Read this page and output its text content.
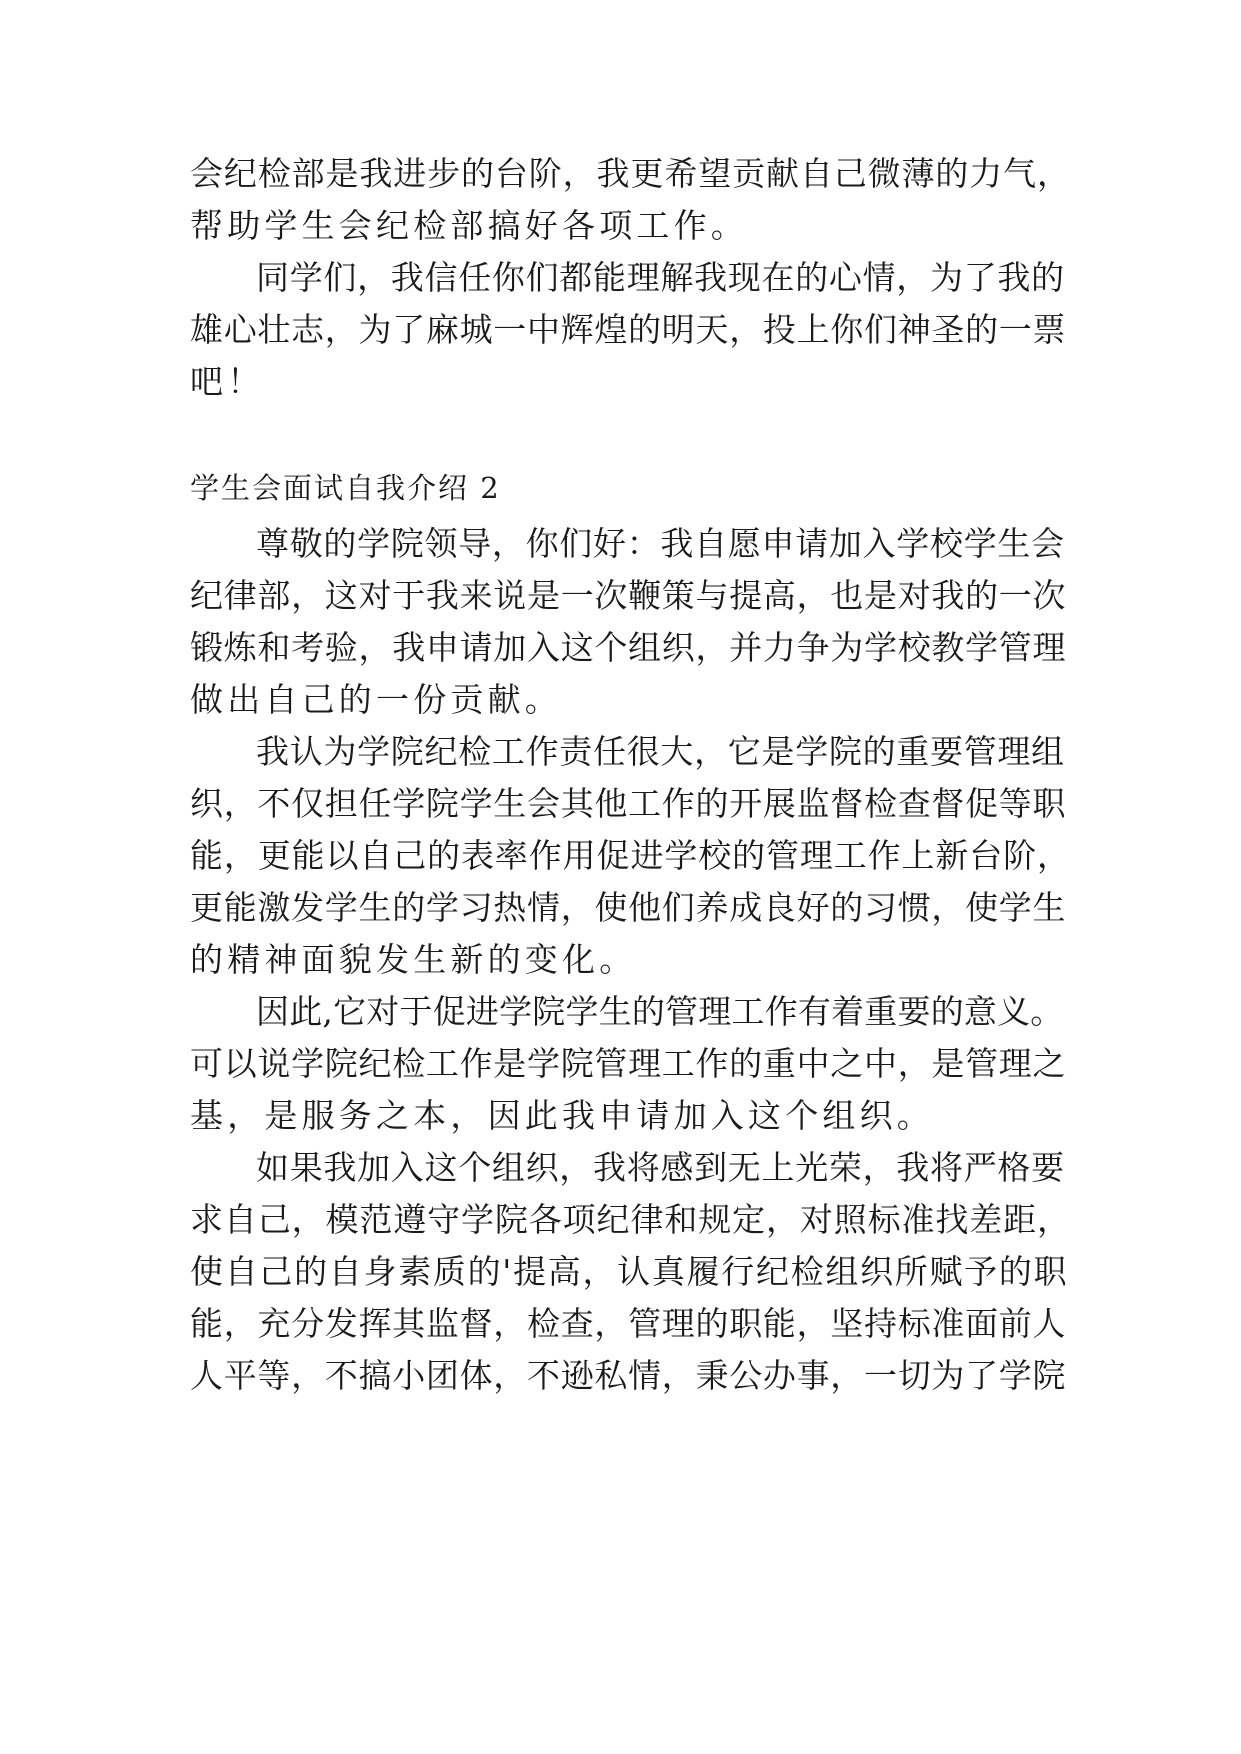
会纪检部是我进步的台阶，我更希望贡献自己微薄的力气，
帮助学生会纪检部搞好各项工作。
同学们，我信任你们都能理解我现在的心情，为了我的
雄心壮志，为了麻城一中辉煌的明天，投上你们神圣的一票
吧！
学生会面试自我介绍 2
尊敬的学院领导，你们好：我自愿申请加入学校学生会
纪律部，这对于我来说是一次鞭策与提高，也是对我的一次
锻炼和考验，我申请加入这个组织，并力争为学校教学管理
做出自己的一份贡献。
我认为学院纪检工作责任很大，它是学院的重要管理组
织，不仅担任学院学生会其他工作的开展监督检查督促等职
能，更能以自己的表率作用促进学校的管理工作上新台阶，
更能激发学生的学习热情，使他们养成良好的习惯，使学生
的精神面貌发生新的变化。
因此,它对于促进学院学生的管理工作有着重要的意义。
可以说学院纪检工作是学院管理工作的重中之中，是管理之
基，是服务之本，因此我申请加入这个组织。
如果我加入这个组织，我将感到无上光荣，我将严格要
求自己，模范遵守学院各项纪律和规定，对照标准找差距，
使自己的自身素质的'提高，认真履行纪检组织所赋予的职
能，充分发挥其监督，检查，管理的职能，坚持标准面前人
人平等，不搞小团体，不逊私情，秉公办事，一切为了学院
